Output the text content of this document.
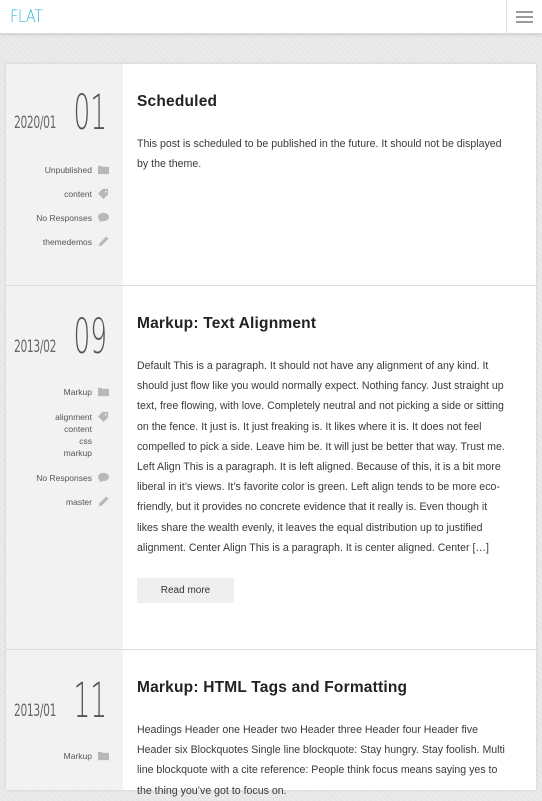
FLAT
2020/01 01
Unpublished
content
No Responses
themedemos
Scheduled

This post is scheduled to be published in the future. It should not be displayed by the theme.

2013/02 09
Markup
alignment
content
css
markup
No Responses
master
Markup: Text Alignment

Default This is a paragraph. It should not have any alignment of any kind. It should just flow like you would normally expect. Nothing fancy. Just straight up text, free flowing, with love. Completely neutral and not picking a side or sitting on the fence. It just is. It just freaking is. It likes where it is. It does not feel compelled to pick a side. Leave him be. It will just be better that way. Trust me. Left Align This is a paragraph. It is left aligned. Because of this, it is a bit more liberal in it’s views. It’s favorite color is green. Left align tends to be more eco-friendly, but it provides no concrete evidence that it really is. Even though it likes share the wealth evenly, it leaves the equal distribution up to justified alignment. Center Align This is a paragraph. It is center aligned. Center […]

Read more
2013/01 11
Markup
Markup: HTML Tags and Formatting

Headings Header one Header two Header three Header four Header five Header six Blockquotes Single line blockquote: Stay hungry. Stay foolish. Multi line blockquote with a cite reference: People think focus means saying yes to the thing you’ve got to focus on.
